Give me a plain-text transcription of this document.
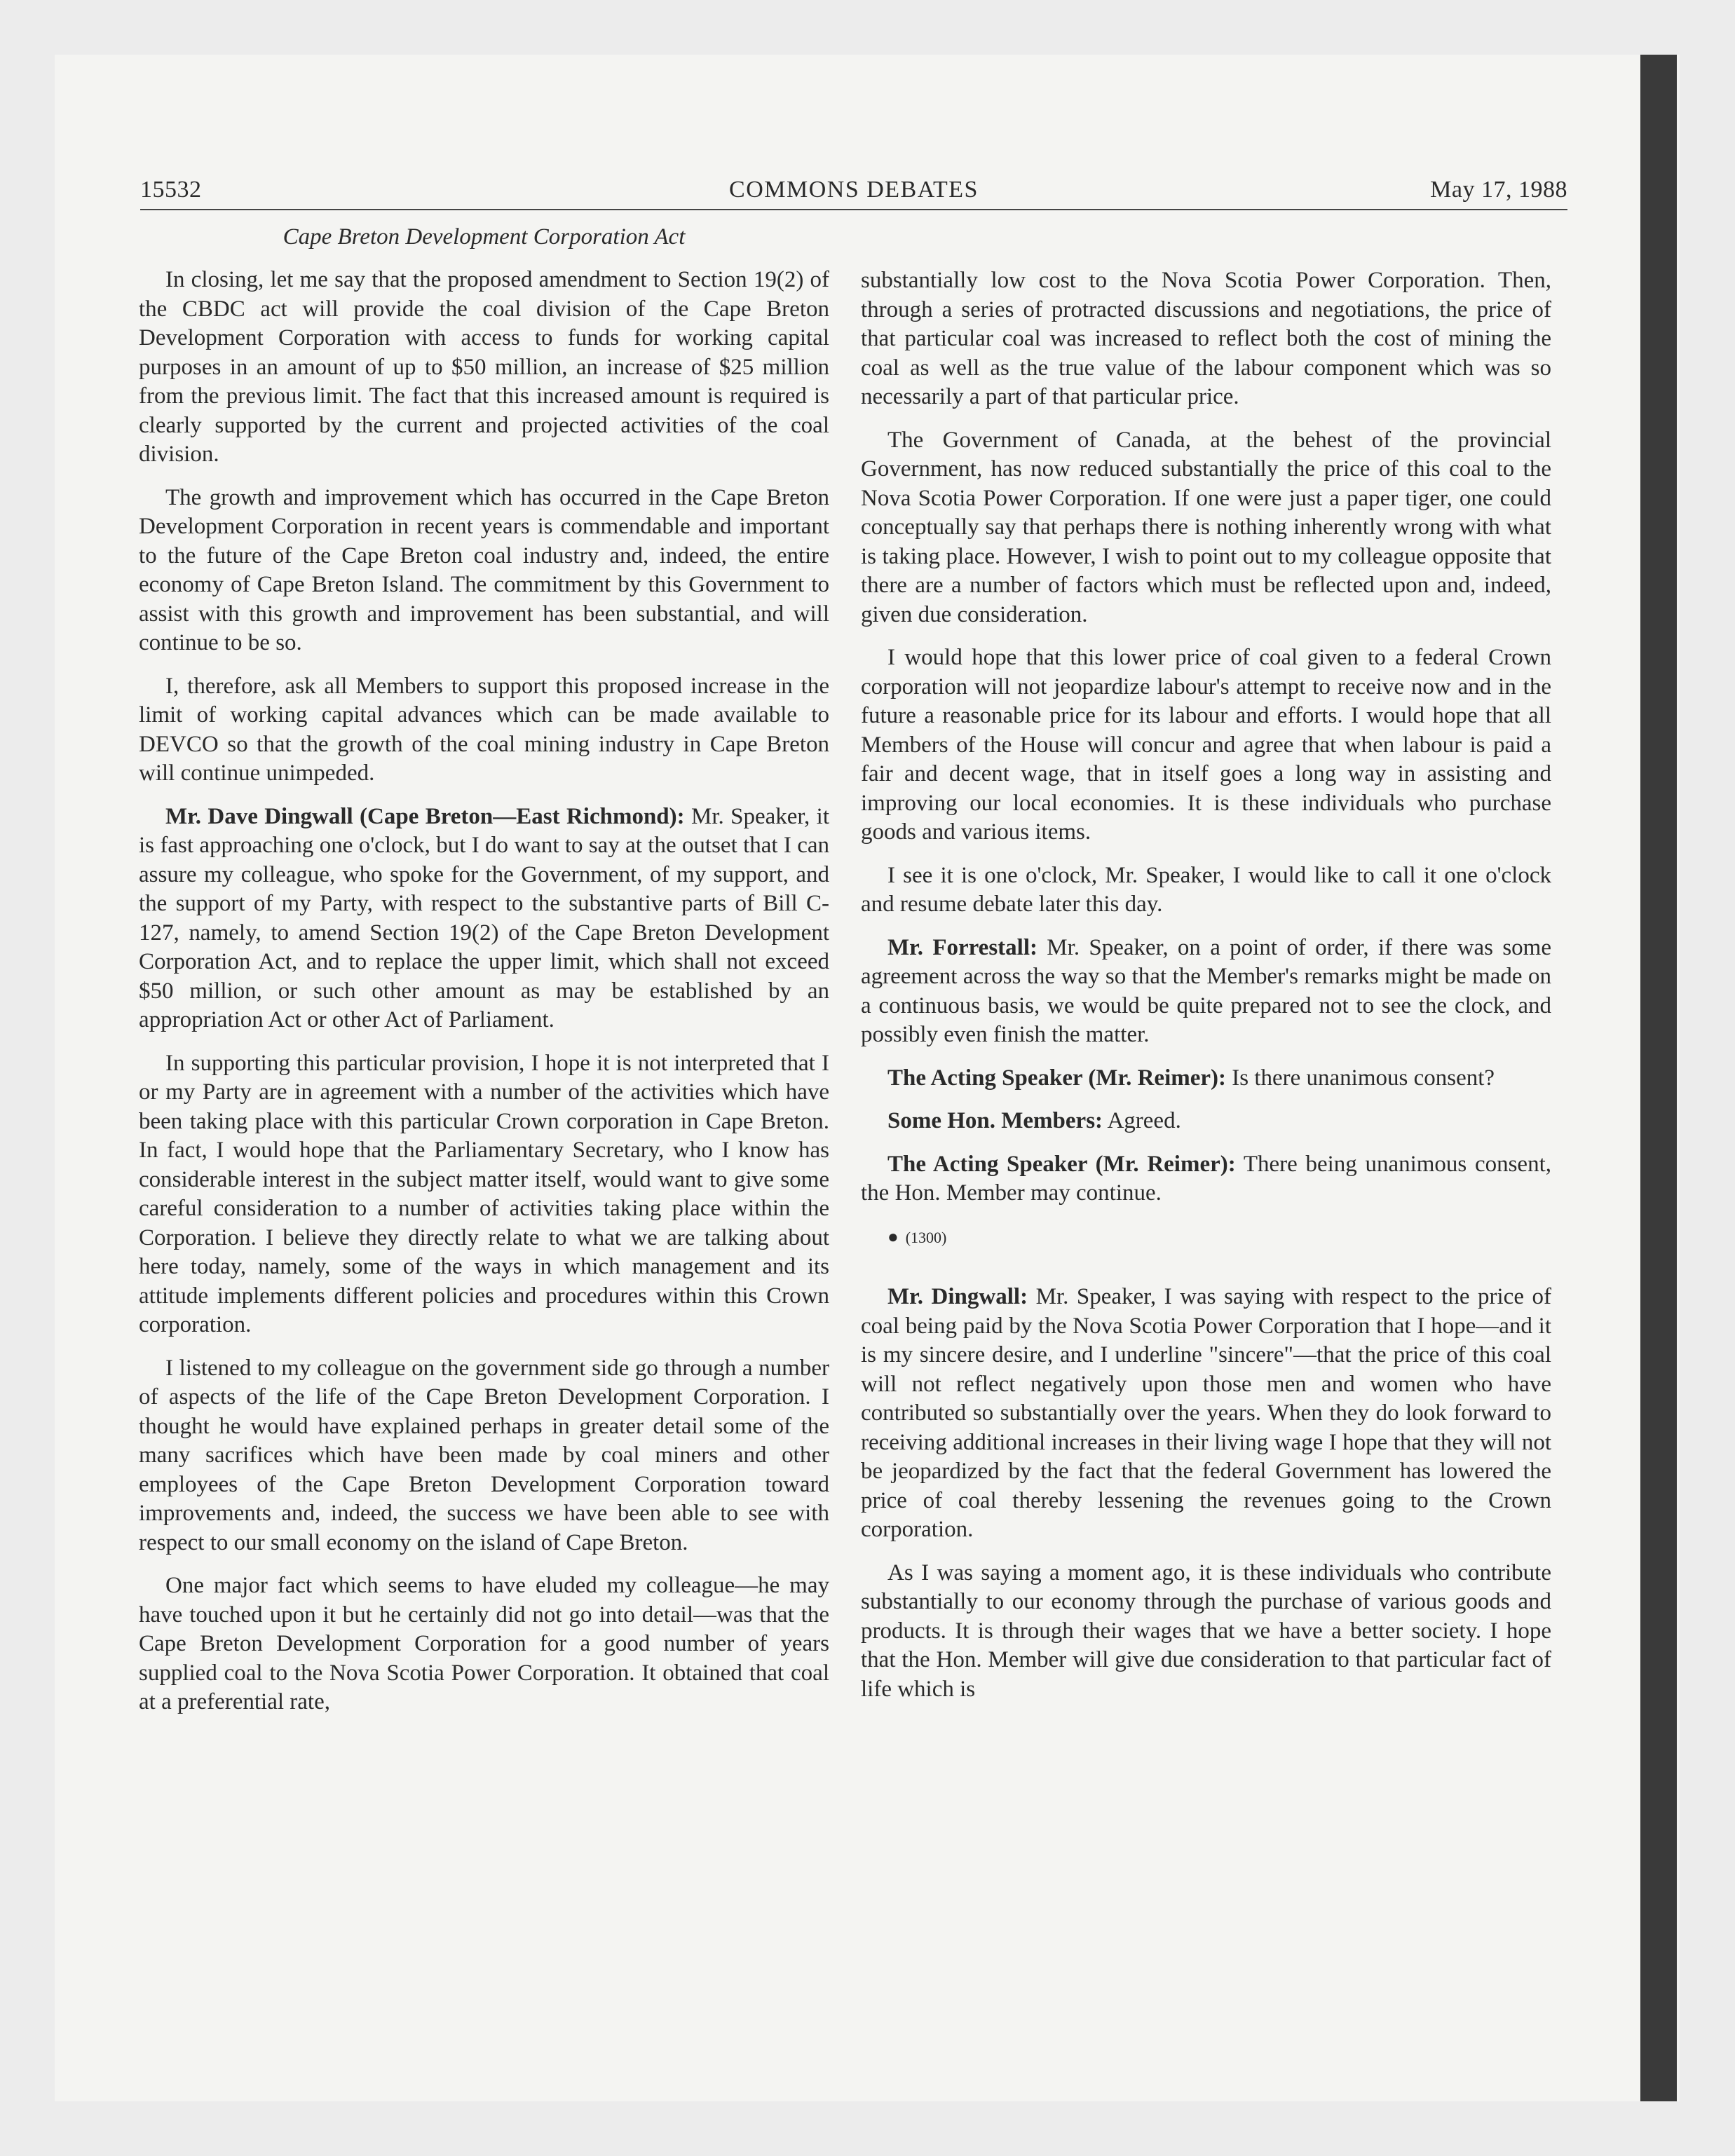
15532	COMMONS DEBATES	May 17, 1988
Cape Breton Development Corporation Act

In closing, let me say that the proposed amendment to Section 19(2) of the CBDC act will provide the coal division of the Cape Breton Development Corporation with access to funds for working capital purposes in an amount of up to $50 million, an increase of $25 million from the previous limit. The fact that this increased amount is required is clearly supported by the current and projected activities of the coal division.

The growth and improvement which has occurred in the Cape Breton Development Corporation in recent years is commendable and important to the future of the Cape Breton coal industry and, indeed, the entire economy of Cape Breton Island. The commitment by this Government to assist with this growth and improvement has been substantial, and will continue to be so.

I, therefore, ask all Members to support this proposed increase in the limit of working capital advances which can be made available to DEVCO so that the growth of the coal mining industry in Cape Breton will continue unimpeded.

Mr. Dave Dingwall (Cape Breton—East Richmond): Mr. Speaker, it is fast approaching one o'clock, but I do want to say at the outset that I can assure my colleague, who spoke for the Government, of my support, and the support of my Party, with respect to the substantive parts of Bill C-127, namely, to amend Section 19(2) of the Cape Breton Development Corporation Act, and to replace the upper limit, which shall not exceed $50 million, or such other amount as may be established by an appropriation Act or other Act of Parliament.

In supporting this particular provision, I hope it is not interpreted that I or my Party are in agreement with a number of the activities which have been taking place with this particular Crown corporation in Cape Breton. In fact, I would hope that the Parliamentary Secretary, who I know has considerable interest in the subject matter itself, would want to give some careful consideration to a number of activities taking place within the Corporation. I believe they directly relate to what we are talking about here today, namely, some of the ways in which management and its attitude implements different policies and procedures within this Crown corporation.

I listened to my colleague on the government side go through a number of aspects of the life of the Cape Breton Development Corporation. I thought he would have explained perhaps in greater detail some of the many sacrifices which have been made by coal miners and other employees of the Cape Breton Development Corporation toward improvements and, indeed, the success we have been able to see with respect to our small economy on the island of Cape Breton.

One major fact which seems to have eluded my colleague—he may have touched upon it but he certainly did not go into detail—was that the Cape Breton Development Corporation for a good number of years supplied coal to the Nova Scotia Power Corporation. It obtained that coal at a preferential rate,

substantially low cost to the Nova Scotia Power Corporation. Then, through a series of protracted discussions and negotiations, the price of that particular coal was increased to reflect both the cost of mining the coal as well as the true value of the labour component which was so necessarily a part of that particular price.

The Government of Canada, at the behest of the provincial Government, has now reduced substantially the price of this coal to the Nova Scotia Power Corporation. If one were just a paper tiger, one could conceptually say that perhaps there is nothing inherently wrong with what is taking place. However, I wish to point out to my colleague opposite that there are a number of factors which must be reflected upon and, indeed, given due consideration.

I would hope that this lower price of coal given to a federal Crown corporation will not jeopardize labour's attempt to receive now and in the future a reasonable price for its labour and efforts. I would hope that all Members of the House will concur and agree that when labour is paid a fair and decent wage, that in itself goes a long way in assisting and improving our local economies. It is these individuals who purchase goods and various items.

I see it is one o'clock, Mr. Speaker, I would like to call it one o'clock and resume debate later this day.

Mr. Forrestall: Mr. Speaker, on a point of order, if there was some agreement across the way so that the Member's remarks might be made on a continuous basis, we would be quite prepared not to see the clock, and possibly even finish the matter.

The Acting Speaker (Mr. Reimer): Is there unanimous consent?

Some Hon. Members: Agreed.

The Acting Speaker (Mr. Reimer): There being unanimous consent, the Hon. Member may continue.

● (1300)

Mr. Dingwall: Mr. Speaker, I was saying with respect to the price of coal being paid by the Nova Scotia Power Corporation that I hope—and it is my sincere desire, and I underline "sincere"—that the price of this coal will not reflect negatively upon those men and women who have contributed so substantially over the years. When they do look forward to receiving additional increases in their living wage I hope that they will not be jeopardized by the fact that the federal Government has lowered the price of coal thereby lessening the revenues going to the Crown corporation.

As I was saying a moment ago, it is these individuals who contribute substantially to our economy through the purchase of various goods and products. It is through their wages that we have a better society. I hope that the Hon. Member will give due consideration to that particular fact of life which is
